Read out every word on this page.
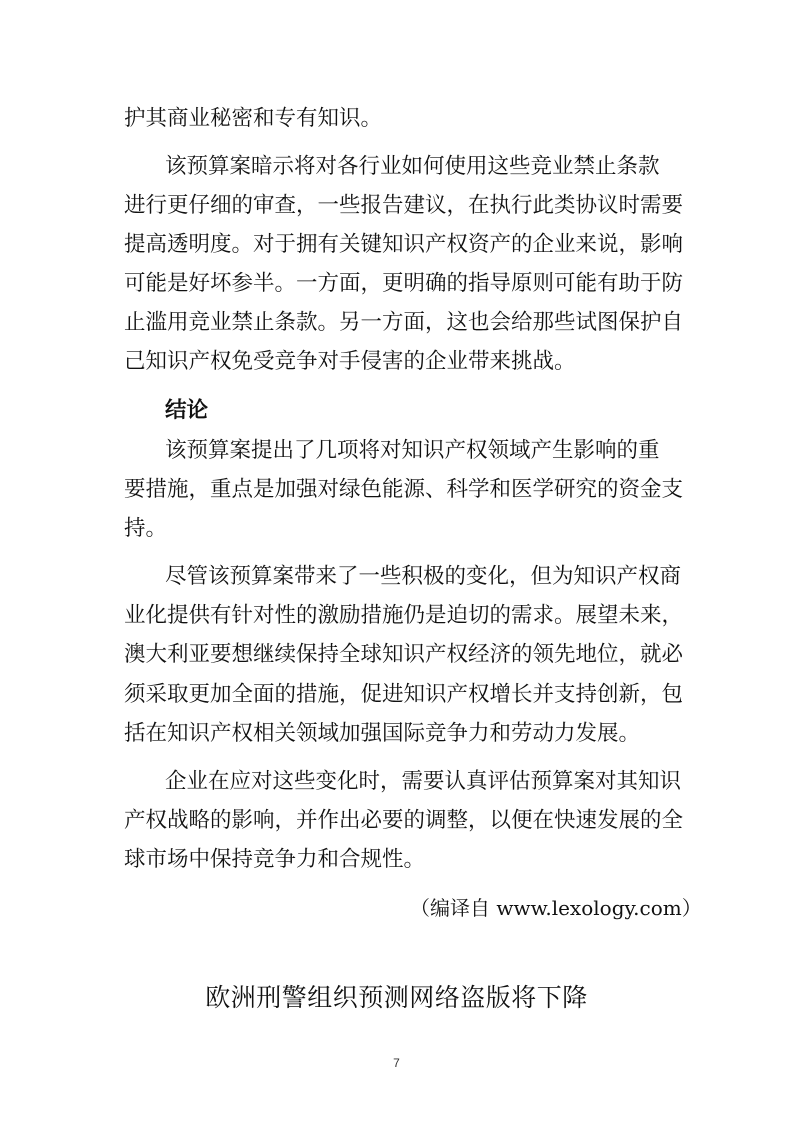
护其商业秘密和专有知识。
该预算案暗示将对各行业如何使用这些竞业禁止条款
进行更仔细的审查，一些报告建议，在执行此类协议时需要
提高透明度。对于拥有关键知识产权资产的企业来说，影响
可能是好坏参半。一方面，更明确的指导原则可能有助于防
止滥用竞业禁止条款。另一方面，这也会给那些试图保护自
己知识产权免受竞争对手侵害的企业带来挑战。
结论
该预算案提出了几项将对知识产权领域产生影响的重
要措施，重点是加强对绿色能源、科学和医学研究的资金支
持。
尽管该预算案带来了一些积极的变化，但为知识产权商
业化提供有针对性的激励措施仍是迫切的需求。展望未来，
澳大利亚要想继续保持全球知识产权经济的领先地位，就必
须采取更加全面的措施，促进知识产权增长并支持创新，包
括在知识产权相关领域加强国际竞争力和劳动力发展。
企业在应对这些变化时，需要认真评估预算案对其知识
产权战略的影响，并作出必要的调整，以便在快速发展的全
球市场中保持竞争力和合规性。
（编译自 www.lexology.com）
欧洲刑警组织预测网络盗版将下降
7
